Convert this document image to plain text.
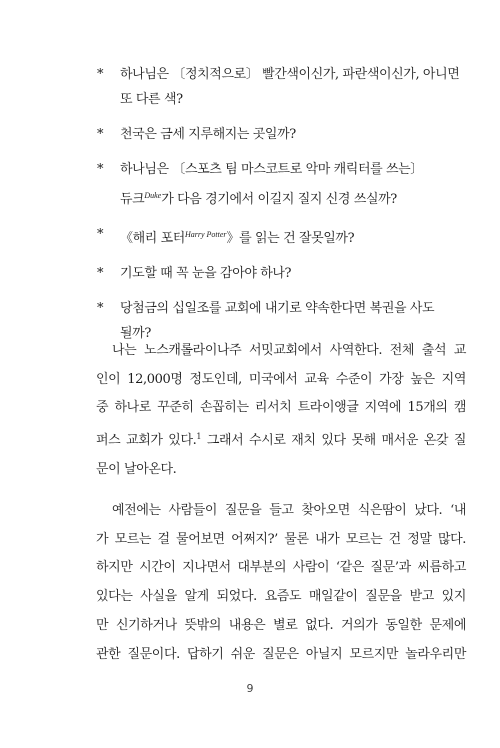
* 하나님은 〔정치적으로〕 빨간색이신가, 파란색이신가, 아니면
또 다른 색?
* 천국은 금세 지루해지는 곳일까?
* 하나님은 〔스포츠 팀 마스코트로 악마 캐릭터를 쓰는〕
듀크$^{Duke}$가 다음 경기에서 이길지 질지 신경 쓰실까?
* 《해리 포터$^{Harry Potter}$》를 읽는 건 잘못일까?
* 기도할 때 꼭 눈을 감아야 하나?
* 당첨금의 십일조를 교회에 내기로 약속한다면 복권을 사도
될까?

나는 노스캐롤라이나주 서밋교회에서 사역한다. 전체 출석 교
인이 12,000명 정도인데, 미국에서 교육 수준이 가장 높은 지역
중 하나로 꾸준히 손꼽히는 리서치 트라이앵글 지역에 15개의 캠
퍼스 교회가 있다.$^1$ 그래서 수시로 재치 있다 못해 매서운 온갖 질
문이 날아온다.

예전에는 사람들이 질문을 들고 찾아오면 식은땀이 났다. ‘내
가 모르는 걸 물어보면 어쩌지?’ 물론 내가 모르는 건 정말 많다.
하지만 시간이 지나면서 대부분의 사람이 ‘같은 질문’과 씨름하고
있다는 사실을 알게 되었다. 요즘도 매일같이 질문을 받고 있지
만 신기하거나 뜻밖의 내용은 별로 없다. 거의가 동일한 문제에
관한 질문이다. 답하기 쉬운 질문은 아닐지 모르지만 놀라우리만

9
